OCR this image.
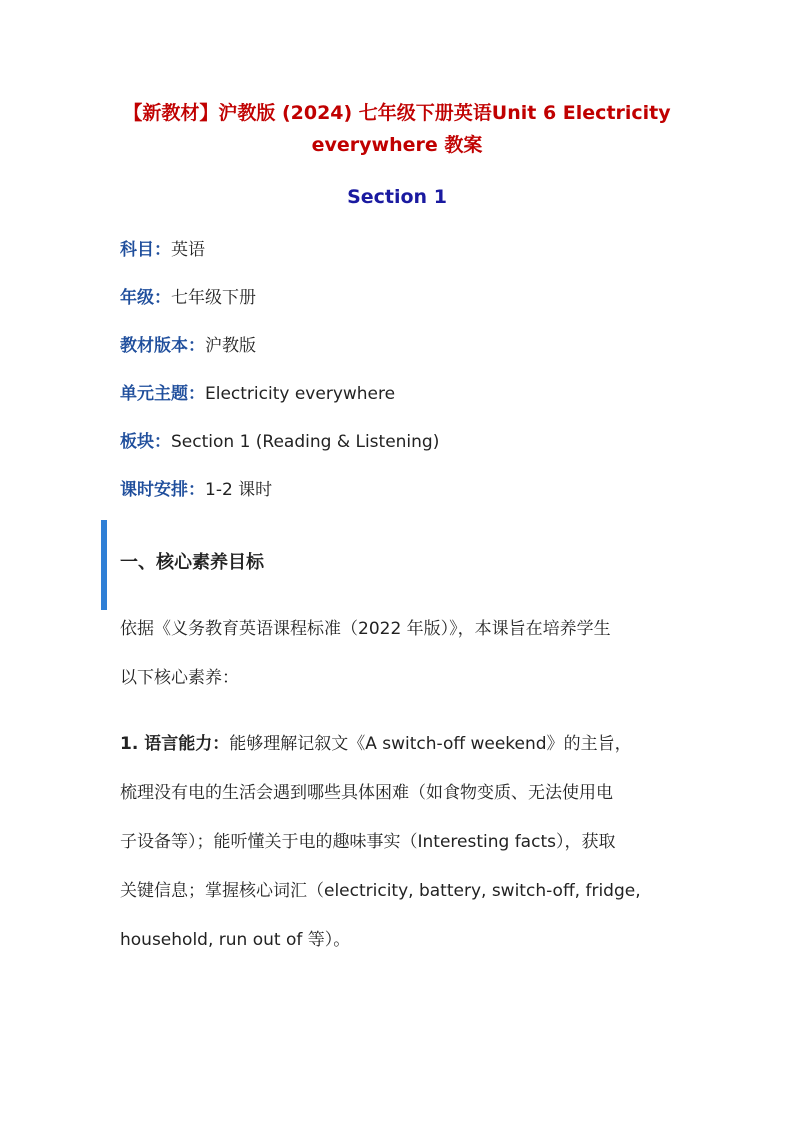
【新教材】沪教版 (2024) 七年级下册英语Unit 6 Electricity
everywhere 教案
Section 1
科目：英语
年级：七年级下册
教材版本：沪教版
单元主题：Electricity everywhere
板块：Section 1 (Reading & Listening)
课时安排：1-2 课时
一、核心素养目标
依据《义务教育英语课程标准（2022 年版）》，本课旨在培养学生
以下核心素养：
1. 语言能力：能够理解记叙文《A switch-off weekend》的主旨，
梳理没有电的生活会遇到哪些具体困难（如食物变质、无法使用电
子设备等）；能听懂关于电的趣味事实（Interesting facts），获取
关键信息；掌握核心词汇（electricity, battery, switch-off, fridge,
household, run out of 等）。
